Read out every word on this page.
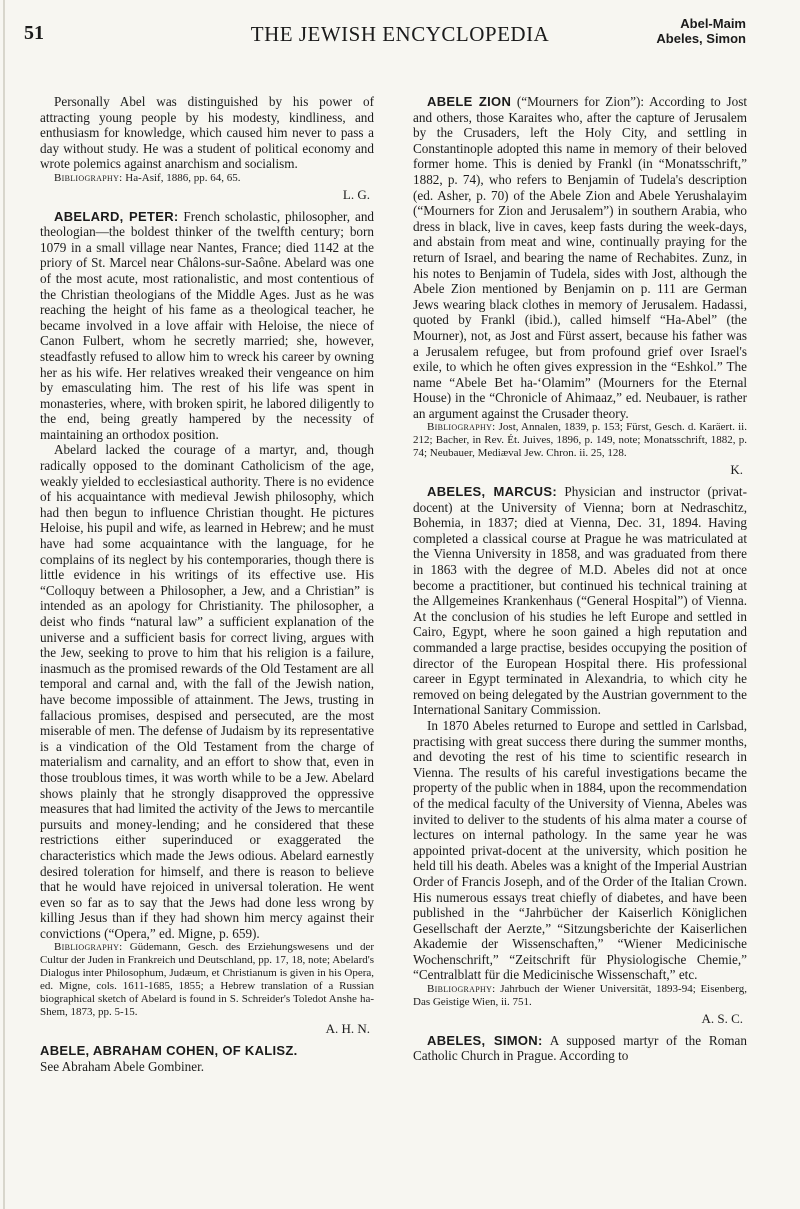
51	THE JEWISH ENCYCLOPEDIA	Abel-Maim
Abeles, Simon

Personally Abel was distinguished by his power of attracting young people by his modesty, kindliness, and enthusiasm for knowledge, which caused him never to pass a day without study. He was a student of political economy and wrote polemics against anarchism and socialism.

Bibliography: Ha-Asif, 1886, pp. 64, 65.

L. G.

ABELARD, PETER: French scholastic, philosopher, and theologian—the boldest thinker of the twelfth century; born 1079 in a small village near Nantes, France; died 1142 at the priory of St. Marcel near Châlons-sur-Saône. Abelard was one of the most acute, most rationalistic, and most contentious of the Christian theologians of the Middle Ages. Just as he was reaching the height of his fame as a theological teacher, he became involved in a love affair with Heloise, the niece of Canon Fulbert, whom he secretly married; she, however, steadfastly refused to allow him to wreck his career by owning her as his wife. Her relatives wreaked their vengeance on him by emasculating him. The rest of his life was spent in monasteries, where, with broken spirit, he labored diligently to the end, being greatly hampered by the necessity of maintaining an orthodox position.

Abelard lacked the courage of a martyr, and, though radically opposed to the dominant Catholicism of the age, weakly yielded to ecclesiastical authority. There is no evidence of his acquaintance with medieval Jewish philosophy, which had then begun to influence Christian thought. He pictures Heloise, his pupil and wife, as learned in Hebrew; and he must have had some acquaintance with the language, for he complains of its neglect by his contemporaries, though there is little evidence in his writings of its effective use. His “Colloquy between a Philosopher, a Jew, and a Christian” is intended as an apology for Christianity. The philosopher, a deist who finds “natural law” a sufficient explanation of the universe and a sufficient basis for correct living, argues with the Jew, seeking to prove to him that his religion is a failure, inasmuch as the promised rewards of the Old Testament are all temporal and carnal and, with the fall of the Jewish nation, have become impossible of attainment. The Jews, trusting in fallacious promises, despised and persecuted, are the most miserable of men. The defense of Judaism by its representative is a vindication of the Old Testament from the charge of materialism and carnality, and an effort to show that, even in those troublous times, it was worth while to be a Jew. Abelard shows plainly that he strongly disapproved the oppressive measures that had limited the activity of the Jews to mercantile pursuits and money-lending; and he considered that these restrictions either superinduced or exaggerated the characteristics which made the Jews odious. Abelard earnestly desired toleration for himself, and there is reason to believe that he would have rejoiced in universal toleration. He went even so far as to say that the Jews had done less wrong by killing Jesus than if they had shown him mercy against their convictions (“Opera,” ed. Migne, p. 659).

Bibliography: Güdemann, Gesch. des Erziehungswesens und der Cultur der Juden in Frankreich und Deutschland, pp. 17, 18, note; Abelard's Dialogus inter Philosophum, Judæum, et Christianum is given in his Opera, ed. Migne, cols. 1611-1685, 1855; a Hebrew translation of a Russian biographical sketch of Abelard is found in S. Schreider's Toledot Anshe ha-Shem, 1873, pp. 5-15.

A. H. N.

ABELE, ABRAHAM COHEN, OF KALISZ.

See Abraham Abele Gombiner.

ABELE ZION (“Mourners for Zion”): According to Jost and others, those Karaites who, after the capture of Jerusalem by the Crusaders, left the Holy City, and settling in Constantinople adopted this name in memory of their beloved former home. This is denied by Frankl (in “Monatsschrift,” 1882, p. 74), who refers to Benjamin of Tudela's description (ed. Asher, p. 70) of the Abele Zion and Abele Yerushalayim (“Mourners for Zion and Jerusalem”) in southern Arabia, who dress in black, live in caves, keep fasts during the week-days, and abstain from meat and wine, continually praying for the return of Israel, and bearing the name of Rechabites. Zunz, in his notes to Benjamin of Tudela, sides with Jost, although the Abele Zion mentioned by Benjamin on p. 111 are German Jews wearing black clothes in memory of Jerusalem. Hadassi, quoted by Frankl (ibid.), called himself “Ha-Abel” (the Mourner), not, as Jost and Fürst assert, because his father was a Jerusalem refugee, but from profound grief over Israel's exile, to which he often gives expression in the “Eshkol.” The name “Abele Bet ha-‘Olamim” (Mourners for the Eternal House) in the “Chronicle of Ahimaaz,” ed. Neubauer, is rather an argument against the Crusader theory.

Bibliography: Jost, Annalen, 1839, p. 153; Fürst, Gesch. d. Karäert. ii. 212; Bacher, in Rev. Ét. Juives, 1896, p. 149, note; Monatsschrift, 1882, p. 74; Neubauer, Mediæval Jew. Chron. ii. 25, 128.

K.

ABELES, MARCUS: Physician and instructor (privat-docent) at the University of Vienna; born at Nedraschitz, Bohemia, in 1837; died at Vienna, Dec. 31, 1894. Having completed a classical course at Prague he was matriculated at the Vienna University in 1858, and was graduated from there in 1863 with the degree of M.D. Abeles did not at once become a practitioner, but continued his technical training at the Allgemeines Krankenhaus (“General Hospital”) of Vienna. At the conclusion of his studies he left Europe and settled in Cairo, Egypt, where he soon gained a high reputation and commanded a large practise, besides occupying the position of director of the European Hospital there. His professional career in Egypt terminated in Alexandria, to which city he removed on being delegated by the Austrian government to the International Sanitary Commission.

In 1870 Abeles returned to Europe and settled in Carlsbad, practising with great success there during the summer months, and devoting the rest of his time to scientific research in Vienna. The results of his careful investigations became the property of the public when in 1884, upon the recommendation of the medical faculty of the University of Vienna, Abeles was invited to deliver to the students of his alma mater a course of lectures on internal pathology. In the same year he was appointed privat-docent at the university, which position he held till his death. Abeles was a knight of the Imperial Austrian Order of Francis Joseph, and of the Order of the Italian Crown. His numerous essays treat chiefly of diabetes, and have been published in the “Jahrbücher der Kaiserlich Königlichen Gesellschaft der Aerzte,” “Sitzungsberichte der Kaiserlichen Akademie der Wissenschaften,” “Wiener Medicinische Wochenschrift,” “Zeitschrift für Physiologische Chemie,” “Centralblatt für die Medicinische Wissenschaft,” etc.

Bibliography: Jahrbuch der Wiener Universität, 1893-94; Eisenberg, Das Geistige Wien, ii. 751.

A. S. C.

ABELES, SIMON: A supposed martyr of the Roman Catholic Church in Prague. According to
